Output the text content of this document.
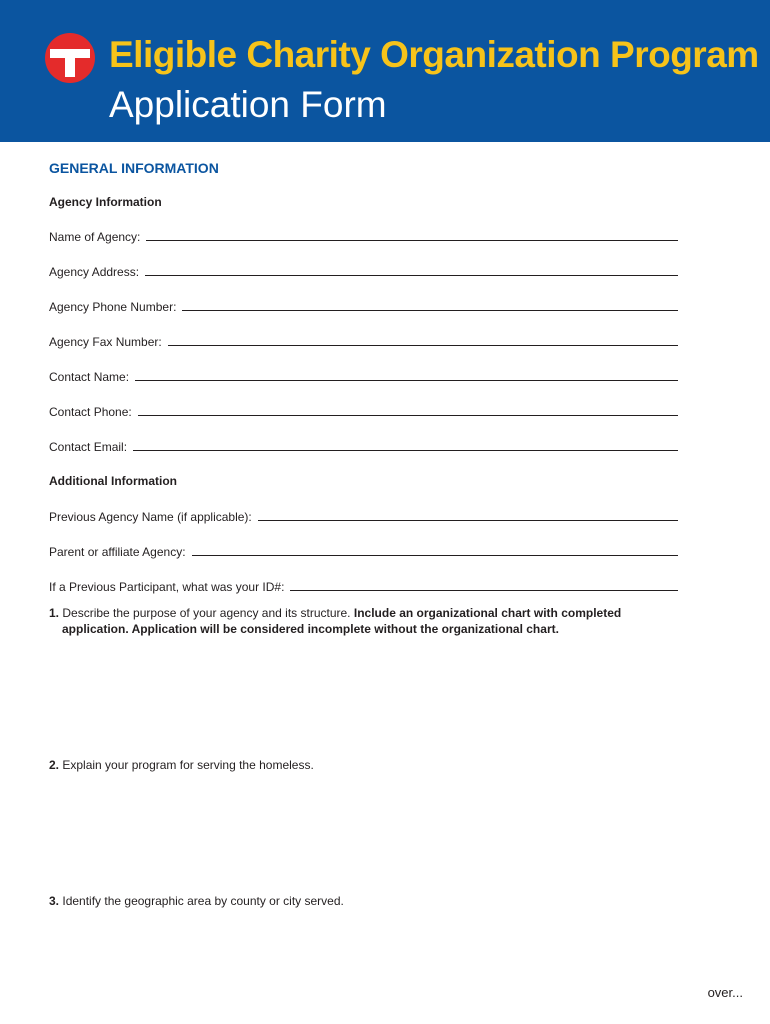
Eligible Charity Organization Program
Application Form
GENERAL INFORMATION
Agency Information
Name of Agency:
Agency Address:
Agency Phone Number:
Agency Fax Number:
Contact Name:
Contact Phone:
Contact Email:
Additional Information
Previous Agency Name (if applicable):
Parent or affiliate Agency:
If a Previous Participant, what was your ID#:
1. Describe the purpose of your agency and its structure. Include an organizational chart with completed
application. Application will be considered incomplete without the organizational chart.
2. Explain your program for serving the homeless.
3. Identify the geographic area by county or city served.
over...
